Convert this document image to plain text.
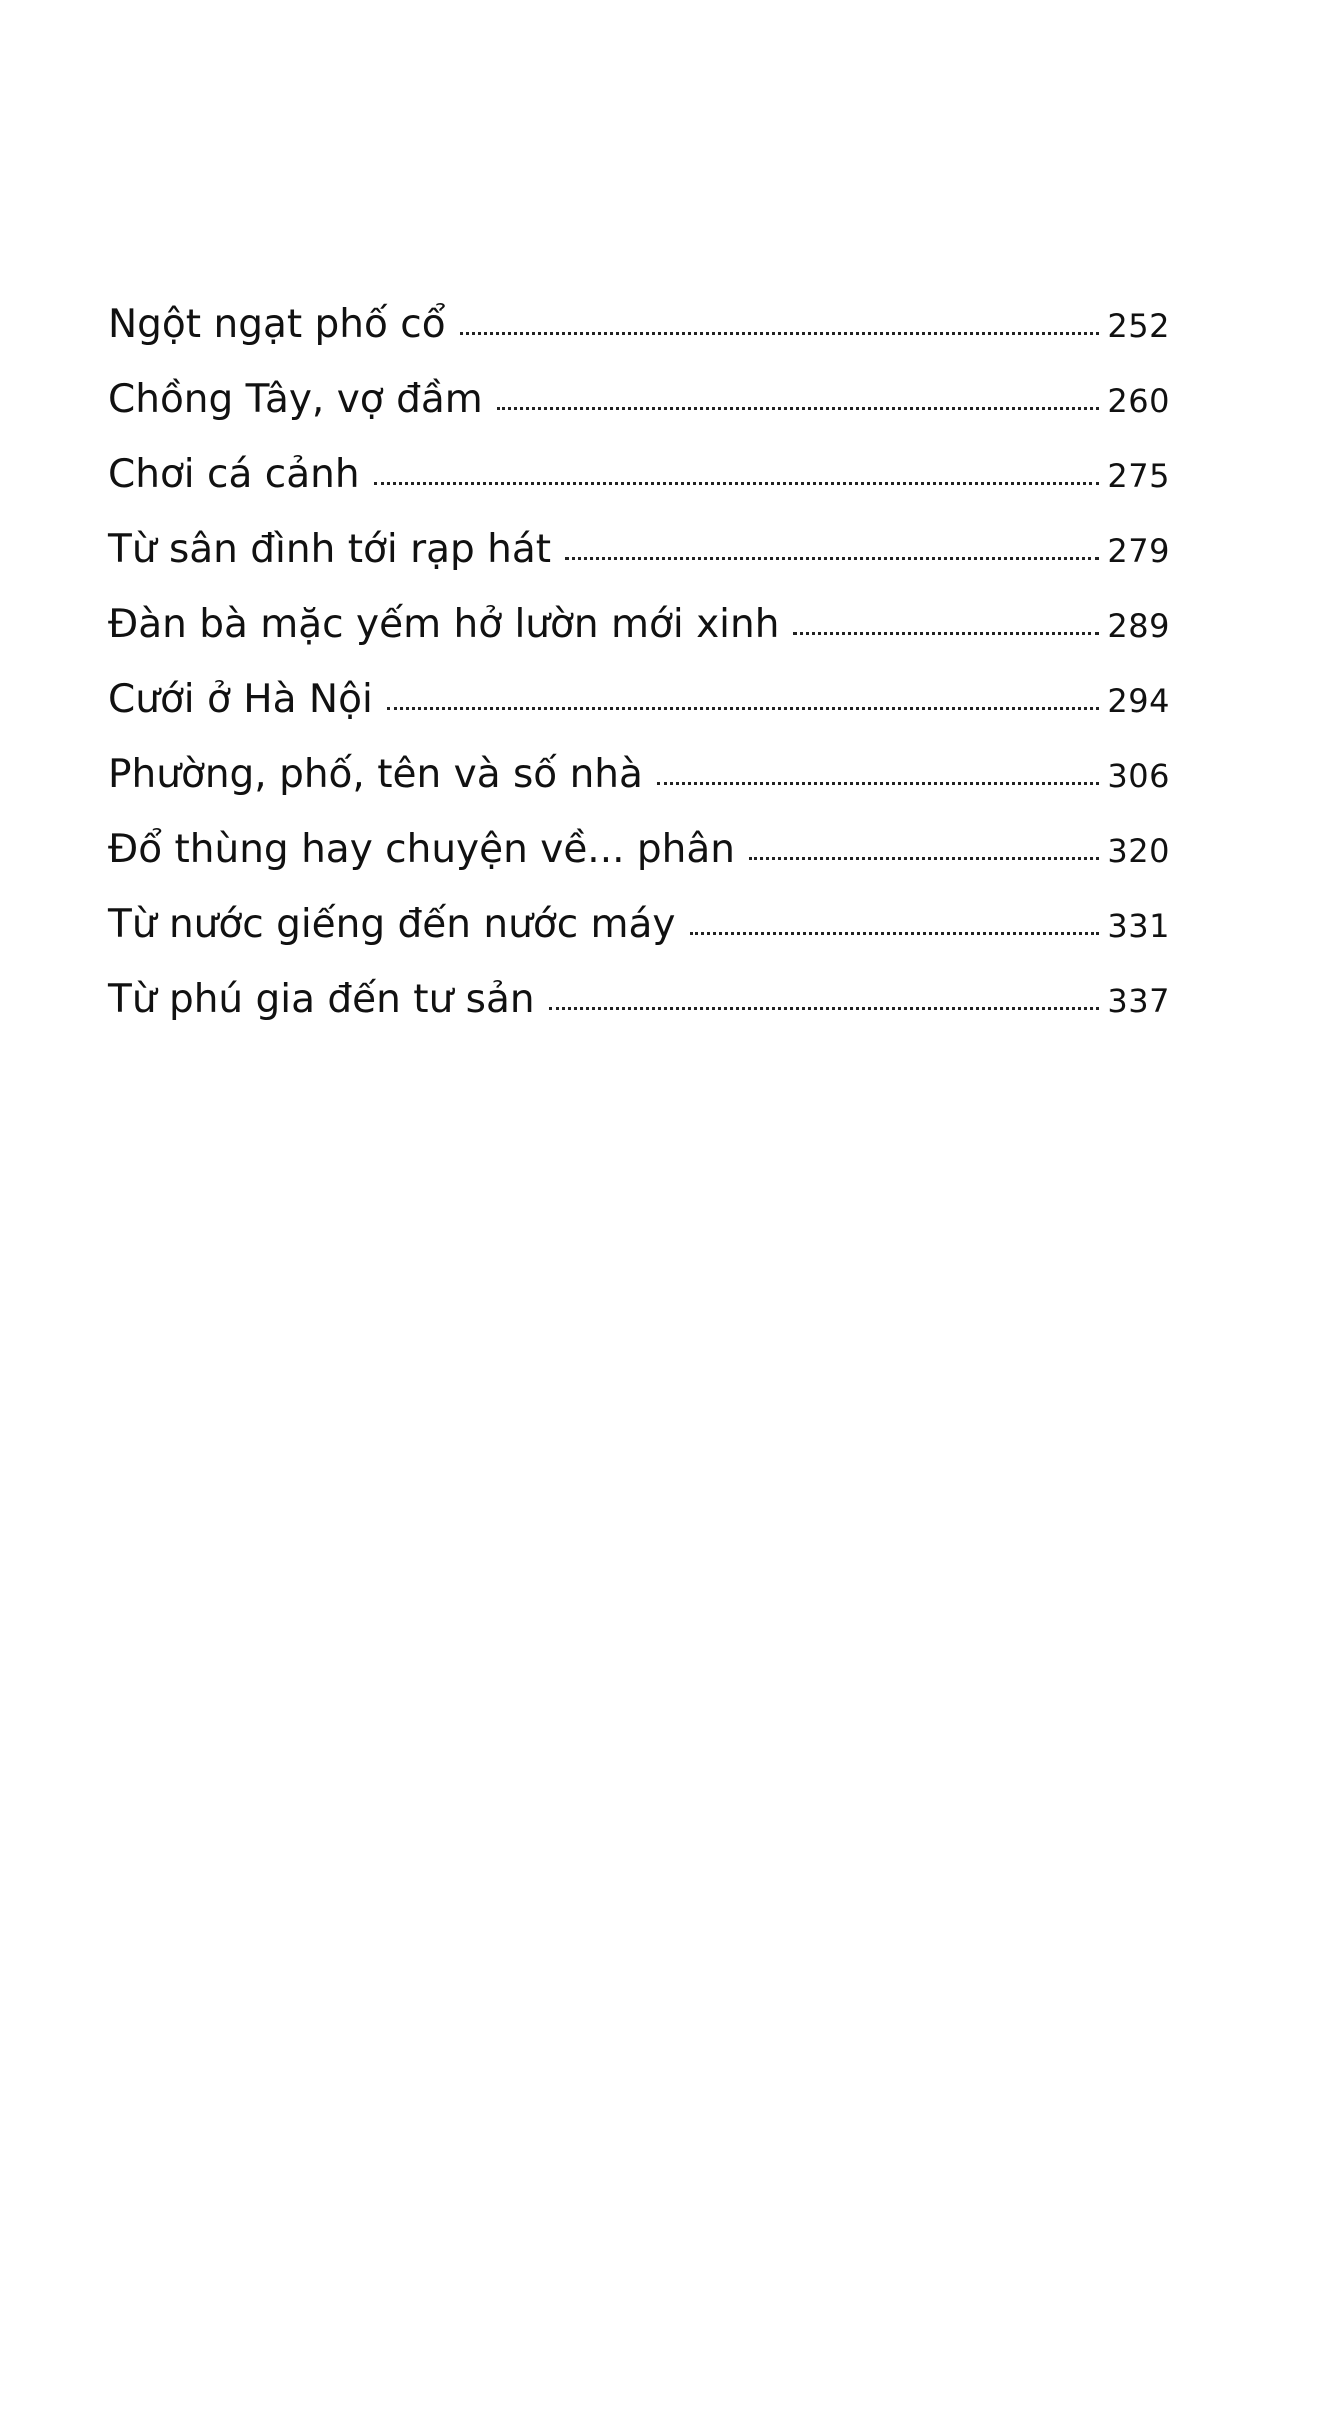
Ngột ngạt phố cổ	252
Chồng Tây, vợ đầm	260
Chơi cá cảnh	275
Từ sân đình tới rạp hát	279
Đàn bà mặc yếm hở lườn mới xinh	289
Cưới ở Hà Nội	294
Phường, phố, tên và số nhà	306
Đổ thùng hay chuyện về... phân	320
Từ nước giếng đến nước máy	331
Từ phú gia đến tư sản	337
